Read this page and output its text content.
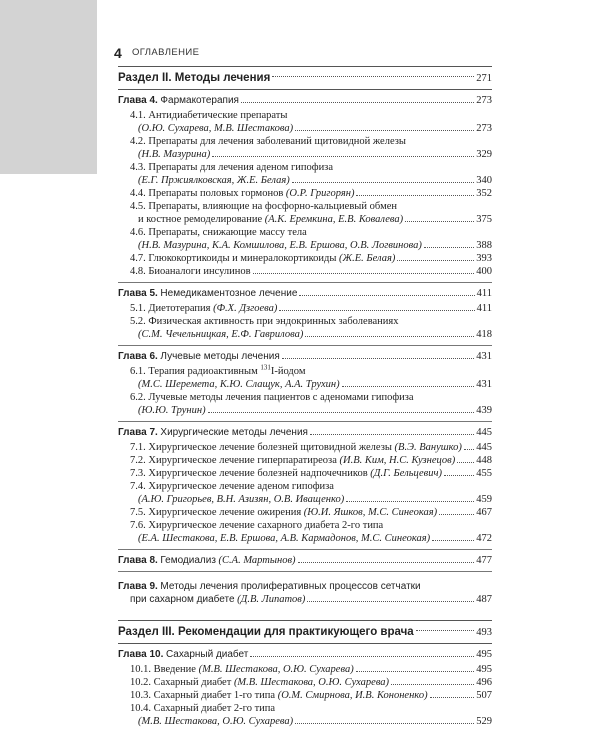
4 ОГЛАВЛЕНИЕ
Раздел II. Методы лечения	271
Глава 4. Фармакотерапия	273
4.1. Антидиабетические препараты
(О.Ю. Сухарева, М.В. Шестакова)	273
4.2. Препараты для лечения заболеваний щитовидной железы
(Н.В. Мазурина)	329
4.3. Препараты для лечения аденом гипофиза
(Е.Г. Пржиялковская, Ж.Е. Белая)	340
4.4. Препараты половых гормонов (О.Р. Григорян)	352
4.5. Препараты, влияющие на фосфорно-кальциевый обмен
и костное ремоделирование (А.К. Еремкина, Е.В. Ковалева)	375
4.6. Препараты, снижающие массу тела
(Н.В. Мазурина, К.А. Комшилова, Е.В. Ершова, О.В. Логвинова)	388
4.7. Глюкокортикоиды и минералокортикоиды (Ж.Е. Белая)	393
4.8. Биоаналоги инсулинов	400
Глава 5. Немедикаментозное лечение	411
5.1. Диетотерапия (Ф.Х. Дзгоева)	411
5.2. Физическая активность при эндокринных заболеваниях
(С.М. Чечельницкая, Е.Ф. Гаврилова)	418
Глава 6. Лучевые методы лечения	431
6.1. Терапия радиоактивным $^{131}$I-йодом
(М.С. Шеремета, К.Ю. Слащук, А.А. Трухин)	431
6.2. Лучевые методы лечения пациентов с аденомами гипофиза
(Ю.Ю. Трунин)	439
Глава 7. Хирургические методы лечения	445
7.1. Хирургическое лечение болезней щитовидной железы (В.Э. Ванушко) 445
7.2. Хирургическое лечение гиперпаратиреоза (И.В. Ким, Н.С. Кузнецов) 448
7.3. Хирургическое лечение болезней надпочечников (Д.Г. Бельцевич)	455
7.4. Хирургическое лечение аденом гипофиза
(А.Ю. Григорьев, В.Н. Азизян, О.В. Иващенко)	459
7.5. Хирургическое лечение ожирения (Ю.И. Яшков, М.С. Синеокая)	467
7.6. Хирургическое лечение сахарного диабета 2-го типа
(Е.А. Шестакова, Е.В. Ершова, А.В. Кармадонов, М.С. Синеокая)	472
Глава 8. Гемодиализ (С.А. Мартынов)	477
Глава 9. Методы лечения пролиферативных процессов сетчатки
при сахарном диабете (Д.В. Липатов)	487
Раздел III. Рекомендации для практикующего врача	493
Глава 10. Сахарный диабет	495
10.1. Введение (М.В. Шестакова, О.Ю. Сухарева)	495
10.2. Сахарный диабет (М.В. Шестакова, О.Ю. Сухарева)	496
10.3. Сахарный диабет 1-го типа (О.М. Смирнова, И.В. Кононенко)	507
10.4. Сахарный диабет 2-го типа
(М.В. Шестакова, О.Ю. Сухарева)	529
